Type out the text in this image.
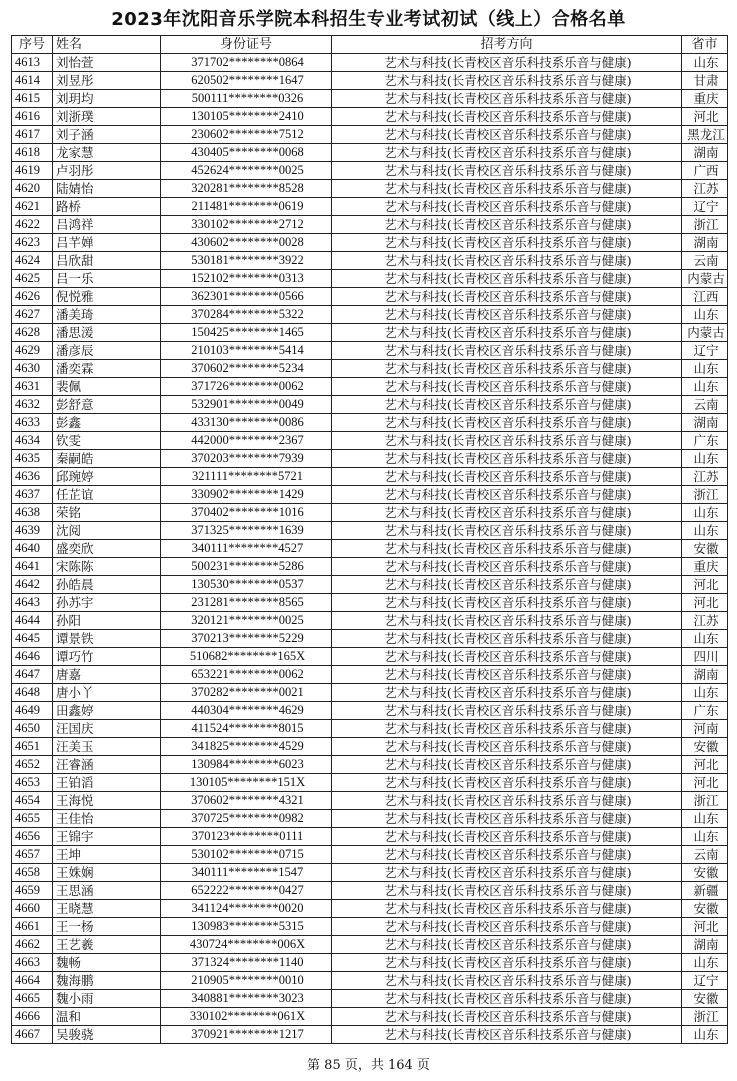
2023年沈阳音乐学院本科招生专业考试初试（线上）合格名单
序号	姓名	身份证号	招考方向	省市
4613	刘怡萱	371702********0864	艺术与科技(长青校区音乐科技系乐音与健康)	山东
4614	刘昱彤	620502********1647	艺术与科技(长青校区音乐科技系乐音与健康)	甘肃
4615	刘玥均	500111********0326	艺术与科技(长青校区音乐科技系乐音与健康)	重庆
4616	刘浙璞	130105********2410	艺术与科技(长青校区音乐科技系乐音与健康)	河北
4617	刘子涵	230602********7512	艺术与科技(长青校区音乐科技系乐音与健康)	黑龙江
4618	龙家慧	430405********0068	艺术与科技(长青校区音乐科技系乐音与健康)	湖南
4619	卢羽彤	452624********0025	艺术与科技(长青校区音乐科技系乐音与健康)	广西
4620	陆婧怡	320281********8528	艺术与科技(长青校区音乐科技系乐音与健康)	江苏
4621	路桥	211481********0619	艺术与科技(长青校区音乐科技系乐音与健康)	辽宁
4622	吕鸿祥	330102********2712	艺术与科技(长青校区音乐科技系乐音与健康)	浙江
4623	吕芊婵	430602********0028	艺术与科技(长青校区音乐科技系乐音与健康)	湖南
4624	吕欣甜	530181********3922	艺术与科技(长青校区音乐科技系乐音与健康)	云南
4625	吕一乐	152102********0313	艺术与科技(长青校区音乐科技系乐音与健康)	内蒙古
4626	倪悦雅	362301********0566	艺术与科技(长青校区音乐科技系乐音与健康)	江西
4627	潘美琦	370284********5322	艺术与科技(长青校区音乐科技系乐音与健康)	山东
4628	潘思湲	150425********1465	艺术与科技(长青校区音乐科技系乐音与健康)	内蒙古
4629	潘彦辰	210103********5414	艺术与科技(长青校区音乐科技系乐音与健康)	辽宁
4630	潘奕霖	370602********5234	艺术与科技(长青校区音乐科技系乐音与健康)	山东
4631	裴佩	371726********0062	艺术与科技(长青校区音乐科技系乐音与健康)	山东
4632	彭舒意	532901********0049	艺术与科技(长青校区音乐科技系乐音与健康)	云南
4633	彭鑫	433130********0086	艺术与科技(长青校区音乐科技系乐音与健康)	湖南
4634	钦雯	442000********2367	艺术与科技(长青校区音乐科技系乐音与健康)	广东
4635	秦嗣皓	370203********7939	艺术与科技(长青校区音乐科技系乐音与健康)	山东
4636	邱琬婷	321111********5721	艺术与科技(长青校区音乐科技系乐音与健康)	江苏
4637	任芷谊	330902********1429	艺术与科技(长青校区音乐科技系乐音与健康)	浙江
4638	荣铭	370402********1016	艺术与科技(长青校区音乐科技系乐音与健康)	山东
4639	沈阅	371325********1639	艺术与科技(长青校区音乐科技系乐音与健康)	山东
4640	盛奕欣	340111********4527	艺术与科技(长青校区音乐科技系乐音与健康)	安徽
4641	宋陈陈	500231********5286	艺术与科技(长青校区音乐科技系乐音与健康)	重庆
4642	孙皓晨	130530********0537	艺术与科技(长青校区音乐科技系乐音与健康)	河北
4643	孙苏宇	231281********8565	艺术与科技(长青校区音乐科技系乐音与健康)	河北
4644	孙阳	320121********0025	艺术与科技(长青校区音乐科技系乐音与健康)	江苏
4645	谭景铁	370213********5229	艺术与科技(长青校区音乐科技系乐音与健康)	山东
4646	谭巧竹	510682********165X	艺术与科技(长青校区音乐科技系乐音与健康)	四川
4647	唐嘉	653221********0062	艺术与科技(长青校区音乐科技系乐音与健康)	湖南
4648	唐小丫	370282********0021	艺术与科技(长青校区音乐科技系乐音与健康)	山东
4649	田鑫婷	440304********4629	艺术与科技(长青校区音乐科技系乐音与健康)	广东
4650	汪国庆	411524********8015	艺术与科技(长青校区音乐科技系乐音与健康)	河南
4651	汪美玉	341825********4529	艺术与科技(长青校区音乐科技系乐音与健康)	安徽
4652	汪睿涵	130984********6023	艺术与科技(长青校区音乐科技系乐音与健康)	河北
4653	王铂滔	130105********151X	艺术与科技(长青校区音乐科技系乐音与健康)	河北
4654	王海悦	370602********4321	艺术与科技(长青校区音乐科技系乐音与健康)	浙江
4655	王佳怡	370725********0982	艺术与科技(长青校区音乐科技系乐音与健康)	山东
4656	王锦宇	370123********0111	艺术与科技(长青校区音乐科技系乐音与健康)	山东
4657	王坤	530102********0715	艺术与科技(长青校区音乐科技系乐音与健康)	云南
4658	王姝娴	340111********1547	艺术与科技(长青校区音乐科技系乐音与健康)	安徽
4659	王思涵	652222********0427	艺术与科技(长青校区音乐科技系乐音与健康)	新疆
4660	王晓慧	341124********0020	艺术与科技(长青校区音乐科技系乐音与健康)	安徽
4661	王一杨	130983********5315	艺术与科技(长青校区音乐科技系乐音与健康)	河北
4662	王艺羲	430724********006X	艺术与科技(长青校区音乐科技系乐音与健康)	湖南
4663	魏畅	371324********1140	艺术与科技(长青校区音乐科技系乐音与健康)	山东
4664	魏海鹏	210905********0010	艺术与科技(长青校区音乐科技系乐音与健康)	辽宁
4665	魏小雨	340881********3023	艺术与科技(长青校区音乐科技系乐音与健康)	安徽
4666	温和	330102********061X	艺术与科技(长青校区音乐科技系乐音与健康)	浙江
4667	吴骏骁	370921********1217	艺术与科技(长青校区音乐科技系乐音与健康)	山东
第 85 页，共 164 页
